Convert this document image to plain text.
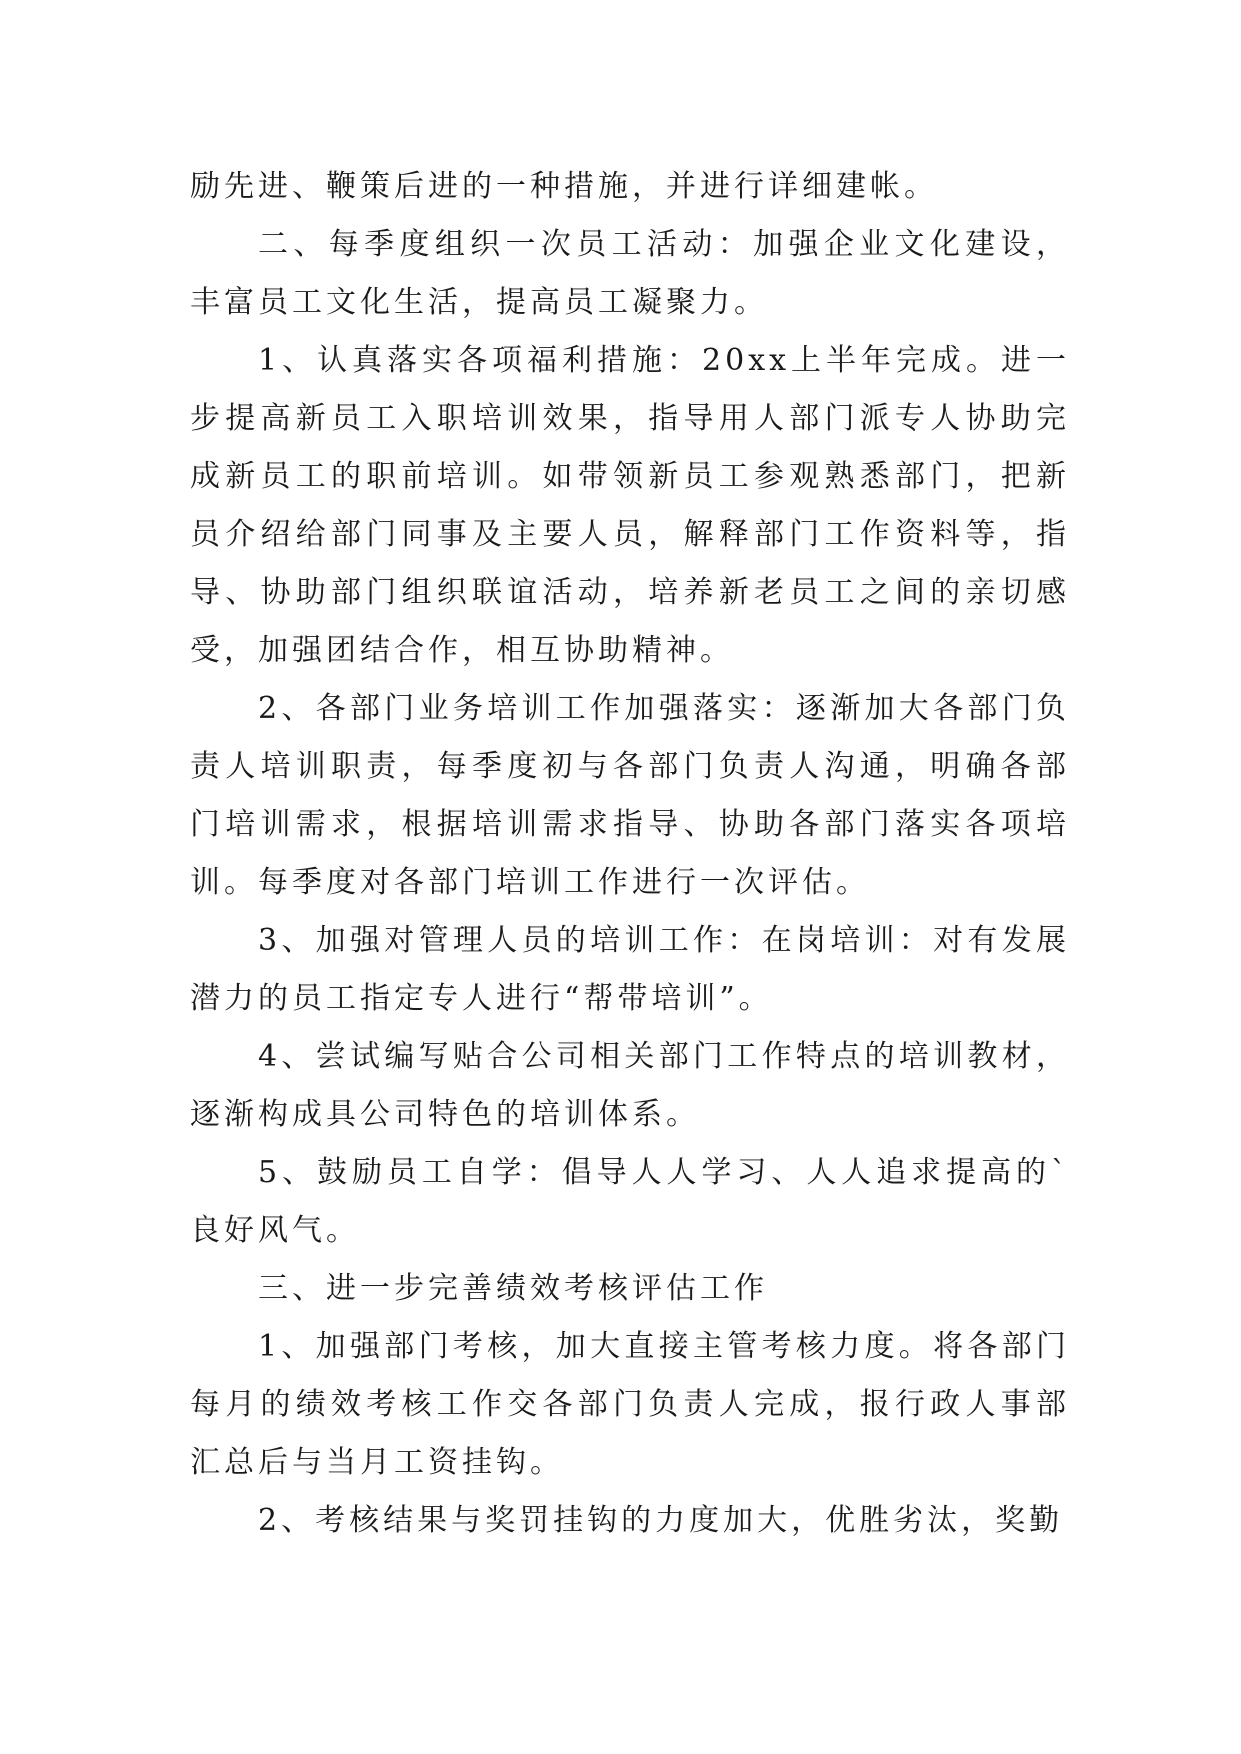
励先进、鞭策后进的一种措施，并进行详细建帐。

二、每季度组织一次员工活动：加强企业文化建设，丰富员工文化生活，提高员工凝聚力。

1、认真落实各项福利措施：20xx上半年完成。进一步提高新员工入职培训效果，指导用人部门派专人协助完成新员工的职前培训。如带领新员工参观熟悉部门，把新员介绍给部门同事及主要人员，解释部门工作资料等，指导、协助部门组织联谊活动，培养新老员工之间的亲切感受，加强团结合作，相互协助精神。

2、各部门业务培训工作加强落实：逐渐加大各部门负责人培训职责，每季度初与各部门负责人沟通，明确各部门培训需求，根据培训需求指导、协助各部门落实各项培训。每季度对各部门培训工作进行一次评估。

3、加强对管理人员的培训工作：在岗培训：对有发展潜力的员工指定专人进行“帮带培训”。

4、尝试编写贴合公司相关部门工作特点的培训教材，逐渐构成具公司特色的培训体系。

5、鼓励员工自学：倡导人人学习、人人追求提高的`良好风气。

三、进一步完善绩效考核评估工作

1、加强部门考核，加大直接主管考核力度。将各部门每月的绩效考核工作交各部门负责人完成，报行政人事部汇总后与当月工资挂钩。

2、考核结果与奖罚挂钩的力度加大，优胜劣汰，奖勤
